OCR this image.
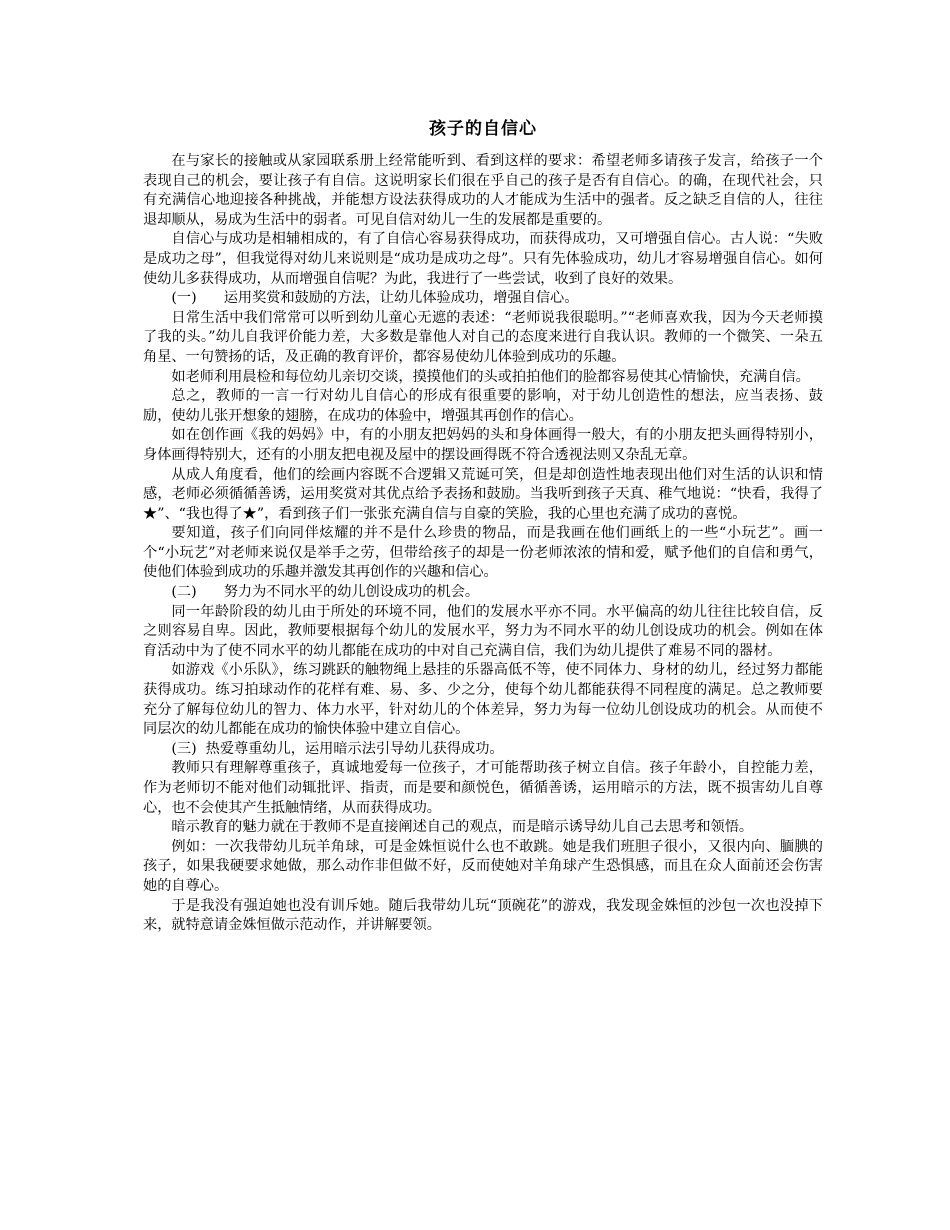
孩子的自信心

在与家长的接触或从家园联系册上经常能听到、看到这样的要求：希望老师多请孩子发言，给孩子一个表现自己的机会，要让孩子有自信。这说明家长们很在乎自己的孩子是否有自信心。的确，在现代社会，只有充满信心地迎接各种挑战，并能想方设法获得成功的人才能成为生活中的强者。反之缺乏自信的人，往往退却顺从，易成为生活中的弱者。可见自信对幼儿一生的发展都是重要的。

自信心与成功是相辅相成的，有了自信心容易获得成功，而获得成功，又可增强自信心。古人说：“失败是成功之母”，但我觉得对幼儿来说则是“成功是成功之母”。只有先体验成功，幼儿才容易增强自信心。如何使幼儿多获得成功，从而增强自信呢？为此，我进行了一些尝试，收到了良好的效果。

(一)      运用奖赏和鼓励的方法，让幼儿体验成功，增强自信心。

日常生活中我们常常可以听到幼儿童心无遮的表述：“老师说我很聪明。”“老师喜欢我，因为今天老师摸了我的头。”幼儿自我评价能力差，大多数是靠他人对自己的态度来进行自我认识。教师的一个微笑、一朵五角星、一句赞扬的话，及正确的教育评价，都容易使幼儿体验到成功的乐趣。

如老师利用晨检和每位幼儿亲切交谈，摸摸他们的头或拍拍他们的脸都容易使其心情愉快，充满自信。

总之，教师的一言一行对幼儿自信心的形成有很重要的影响，对于幼儿创造性的想法，应当表扬、鼓励，使幼儿张开想象的翅膀，在成功的体验中，增强其再创作的信心。

如在创作画《我的妈妈》中，有的小朋友把妈妈的头和身体画得一般大，有的小朋友把头画得特别小，身体画得特别大，还有的小朋友把电视及屋中的摆设画得既不符合透视法则又杂乱无章。

从成人角度看，他们的绘画内容既不合逻辑又荒诞可笑，但是却创造性地表现出他们对生活的认识和情感，老师必须循循善诱，运用奖赏对其优点给予表扬和鼓励。当我听到孩子天真、稚气地说：“快看，我得了★”、“我也得了★”，看到孩子们一张张充满自信与自豪的笑脸，我的心里也充满了成功的喜悦。

要知道，孩子们向同伴炫耀的并不是什么珍贵的物品，而是我画在他们画纸上的一些“小玩艺”。画一个“小玩艺”对老师来说仅是举手之劳，但带给孩子的却是一份老师浓浓的情和爱，赋予他们的自信和勇气，使他们体验到成功的乐趣并激发其再创作的兴趣和信心。

(二)      努力为不同水平的幼儿创设成功的机会。

同一年龄阶段的幼儿由于所处的环境不同，他们的发展水平亦不同。水平偏高的幼儿往往比较自信，反之则容易自卑。因此，教师要根据每个幼儿的发展水平，努力为不同水平的幼儿创设成功的机会。例如在体育活动中为了使不同水平的幼儿都能在成功的中对自己充满自信，我们为幼儿提供了难易不同的器材。

如游戏《小乐队》，练习跳跃的触物绳上悬挂的乐器高低不等，使不同体力、身材的幼儿，经过努力都能获得成功。练习拍球动作的花样有难、易、多、少之分，使每个幼儿都能获得不同程度的满足。总之教师要充分了解每位幼儿的智力、体力水平，针对幼儿的个体差异，努力为每一位幼儿创设成功的机会。从而使不同层次的幼儿都能在成功的愉快体验中建立自信心。

(三)  热爱尊重幼儿，运用暗示法引导幼儿获得成功。

教师只有理解尊重孩子，真诚地爱每一位孩子，才可能帮助孩子树立自信。孩子年龄小，自控能力差，作为老师切不能对他们动辄批评、指责，而是要和颜悦色，循循善诱，运用暗示的方法，既不损害幼儿自尊心，也不会使其产生抵触情绪，从而获得成功。

暗示教育的魅力就在于教师不是直接阐述自己的观点，而是暗示诱导幼儿自己去思考和领悟。

例如：一次我带幼儿玩羊角球，可是金姝恒说什么也不敢跳。她是我们班胆子很小，又很内向、腼腆的孩子，如果我硬要求她做，那么动作非但做不好，反而使她对羊角球产生恐惧感，而且在众人面前还会伤害她的自尊心。

于是我没有强迫她也没有训斥她。随后我带幼儿玩“顶碗花”的游戏，我发现金姝恒的沙包一次也没掉下来，就特意请金姝恒做示范动作，并讲解要领。
